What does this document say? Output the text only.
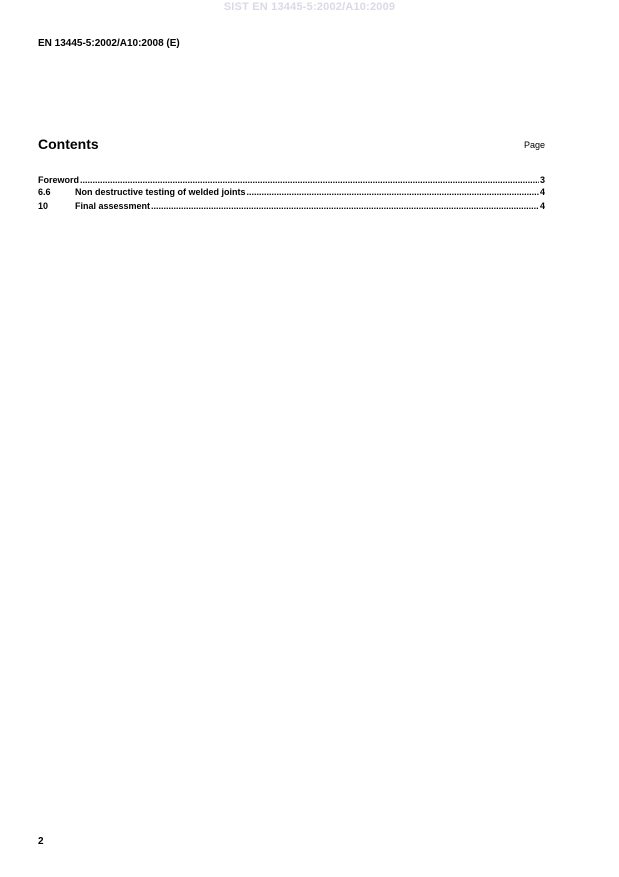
SIST EN 13445-5:2002/A10:2009
EN 13445-5:2002/A10:2008 (E)
Contents	Page
Foreword .....	3
6.6	Non destructive testing of welded joints .....	4
10	Final assessment .....	4
2
